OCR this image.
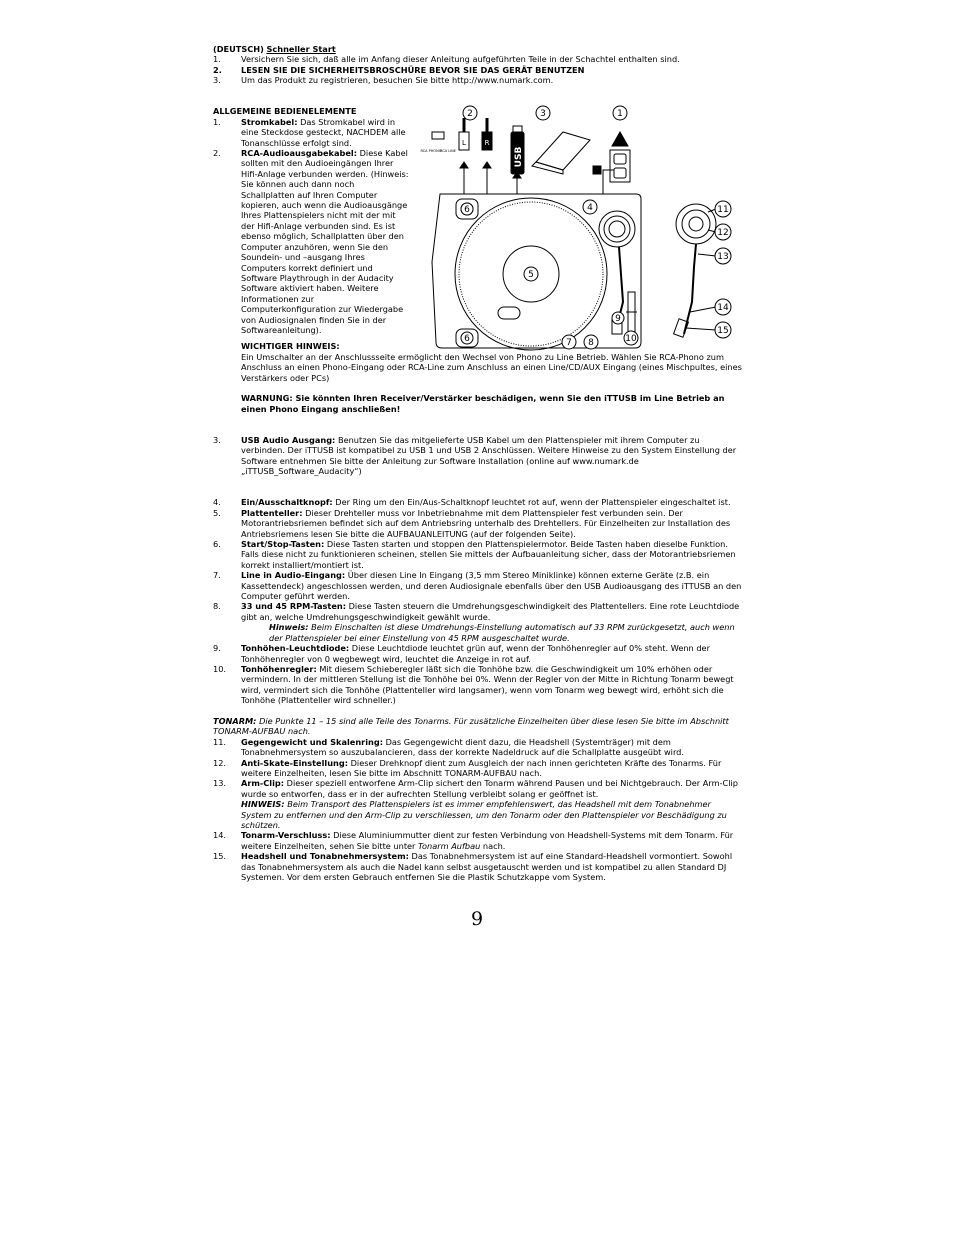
(DEUTSCH) Schneller Start
1.	Versichern Sie sich, daß alle im Anfang dieser Anleitung aufgeführten Teile in der Schachtel enthalten sind.
2.	LESEN SIE DIE SICHERHEITSBROSCHÜRE BEVOR SIE DAS GERÄT BENUTZEN
3.	Um das Produkt zu registrieren, besuchen Sie bitte http://www.numark.com.
ALLGEMEINE BEDIENELEMENTE
1.	Stromkabel: Das Stromkabel wird in eine Steckdose gesteckt, NACHDEM alle Tonanschlüsse erfolgt sind.
2.	RCA-Audioausgabekabel: Diese Kabel sollten mit den Audioeingängen Ihrer Hifi-Anlage verbunden werden. (Hinweis: Sie können auch dann noch Schallplatten auf Ihren Computer kopieren, auch wenn die Audioausgänge Ihres Plattenspielers nicht mit der mit der Hifi-Anlage verbunden sind. Es ist ebenso möglich, Schallplatten über den Computer anzuhören, wenn Sie den Soundein- und –ausgang Ihres Computers korrekt definiert und Software Playthrough in der Audacity Software aktiviert haben. Weitere Informationen zur Computerkonfiguration zur Wiedergabe von Audiosignalen finden Sie in der Softwareanleitung).
WICHTIGER HINWEIS:
Ein Umschalter an der Anschlussseite ermöglicht den Wechsel von Phono zu Line Betrieb. Wählen Sie RCA-Phono zum Anschluss an einen Phono-Eingang oder RCA-Line zum Anschluss an einen Line/CD/AUX Eingang (eines Mischpultes, eines Verstärkers oder PCs)
WARNUNG: Sie könnten Ihren Receiver/Verstärker beschädigen, wenn Sie den iTTUSB im Line Betrieb an einen Phono Eingang anschließen!
3.	USB Audio Ausgang: Benutzen Sie das mitgelieferte USB Kabel um den Plattenspieler mit ihrem Computer zu verbinden. Der iTTUSB ist kompatibel zu USB 1 und USB 2 Anschlüssen. Weitere Hinweise zu den System Einstellung der Software entnehmen Sie bitte der Anleitung zur Software Installation (online auf www.numark.de „iTTUSB_Software_Audacity“)
4.	Ein/Ausschaltknopf: Der Ring um den Ein/Aus-Schaltknopf leuchtet rot auf, wenn der Plattenspieler eingeschaltet ist.
5.	Plattenteller: Dieser Drehteller muss vor Inbetriebnahme mit dem Plattenspieler fest verbunden sein. Der Motorantriebsriemen befindet sich auf dem Antriebsring unterhalb des Drehtellers. Für Einzelheiten zur Installation des Antriebsriemens lesen Sie bitte die AUFBAUANLEITUNG (auf der folgenden Seite).
6.	Start/Stop-Tasten: Diese Tasten starten und stoppen den Plattenspielermotor. Beide Tasten haben dieselbe Funktion. Falls diese nicht zu funktionieren scheinen, stellen Sie mittels der Aufbauanleitung sicher, dass der Motorantriebsriemen korrekt installiert/montiert ist.
7.	Line in Audio-Eingang: Über diesen Line In Eingang (3,5 mm Stereo Miniklinke) können externe Geräte (z.B. ein Kassettendeck) angeschlossen werden, und deren Audiosignale ebenfalls über den USB Audioausgang des iTTUSB an den Computer geführt werden.
8.	33 und 45 RPM-Tasten: Diese Tasten steuern die Umdrehungsgeschwindigkeit des Plattentellers. Eine rote Leuchtdiode gibt an, welche Umdrehungsgeschwindigkeit gewählt wurde.
Hinweis: Beim Einschalten ist diese Umdrehungs-Einstellung automatisch auf 33 RPM zurückgesetzt, auch wenn der Plattenspieler bei einer Einstellung von 45 RPM ausgeschaltet wurde.
9.	Tonhöhen-Leuchtdiode: Diese Leuchtdiode leuchtet grün auf, wenn der Tonhöhenregler auf 0% steht. Wenn der Tonhöhenregler von 0 wegbewegt wird, leuchtet die Anzeige in rot auf.
10.	Tonhöhenregler: Mit diesem Schieberegler läßt sich die Tonhöhe bzw. die Geschwindigkeit um 10% erhöhen oder vermindern. In der mittleren Stellung ist die Tonhöhe bei 0%. Wenn der Regler von der Mitte in Richtung Tonarm bewegt wird, vermindert sich die Tonhöhe (Plattenteller wird langsamer), wenn vom Tonarm weg bewegt wird, erhöht sich die Tonhöhe (Plattenteller wird schneller.)
TONARM: Die Punkte 11 – 15 sind alle Teile des Tonarms. Für zusätzliche Einzelheiten über diese lesen Sie bitte im Abschnitt TONARM-AUFBAU nach.
11.	Gegengewicht und Skalenring: Das Gegengewicht dient dazu, die Headshell (Systemträger) mit dem Tonabnehmersystem so auszubalancieren, dass der korrekte Nadeldruck auf die Schallplatte ausgeübt wird.
12.	Anti-Skate-Einstellung: Dieser Drehknopf dient zum Ausgleich der nach innen gerichteten Kräfte des Tonarms. Für weitere Einzelheiten, lesen Sie bitte im Abschnitt TONARM-AUFBAU nach.
13.	Arm-Clip: Dieser speziell entworfene Arm-Clip sichert den Tonarm während Pausen und bei Nichtgebrauch. Der Arm-Clip wurde so entworfen, dass er in der aufrechten Stellung verbleibt solang er geöffnet ist.
HINWEIS: Beim Transport des Plattenspielers ist es immer empfehlenswert, das Headshell mit dem Tonabnehmer System zu entfernen und den Arm-Clip zu verschliessen, um den Tonarm oder den Plattenspieler vor Beschädigung zu schützen.
14.	Tonarm-Verschluss: Diese Aluminiummutter dient zur festen Verbindung von Headshell-Systems mit dem Tonarm. Für weitere Einzelheiten, sehen Sie bitte unter Tonarm Aufbau nach.
15.	Headshell und Tonabnehmersystem: Das Tonabnehmersystem ist auf eine Standard-Headshell vormontiert. Sowohl das Tonabnehmersystem als auch die Nadel kann selbst ausgetauscht werden und ist kompatibel zu allen Standard DJ Systemen. Vor dem ersten Gebrauch entfernen Sie die Plastik Schutzkappe vom System.
USB
L	R
RCA PHONO
RCA LINE
2	3	1
4
5
6
6	7 8
9
10
11
12
13
14
15
9
